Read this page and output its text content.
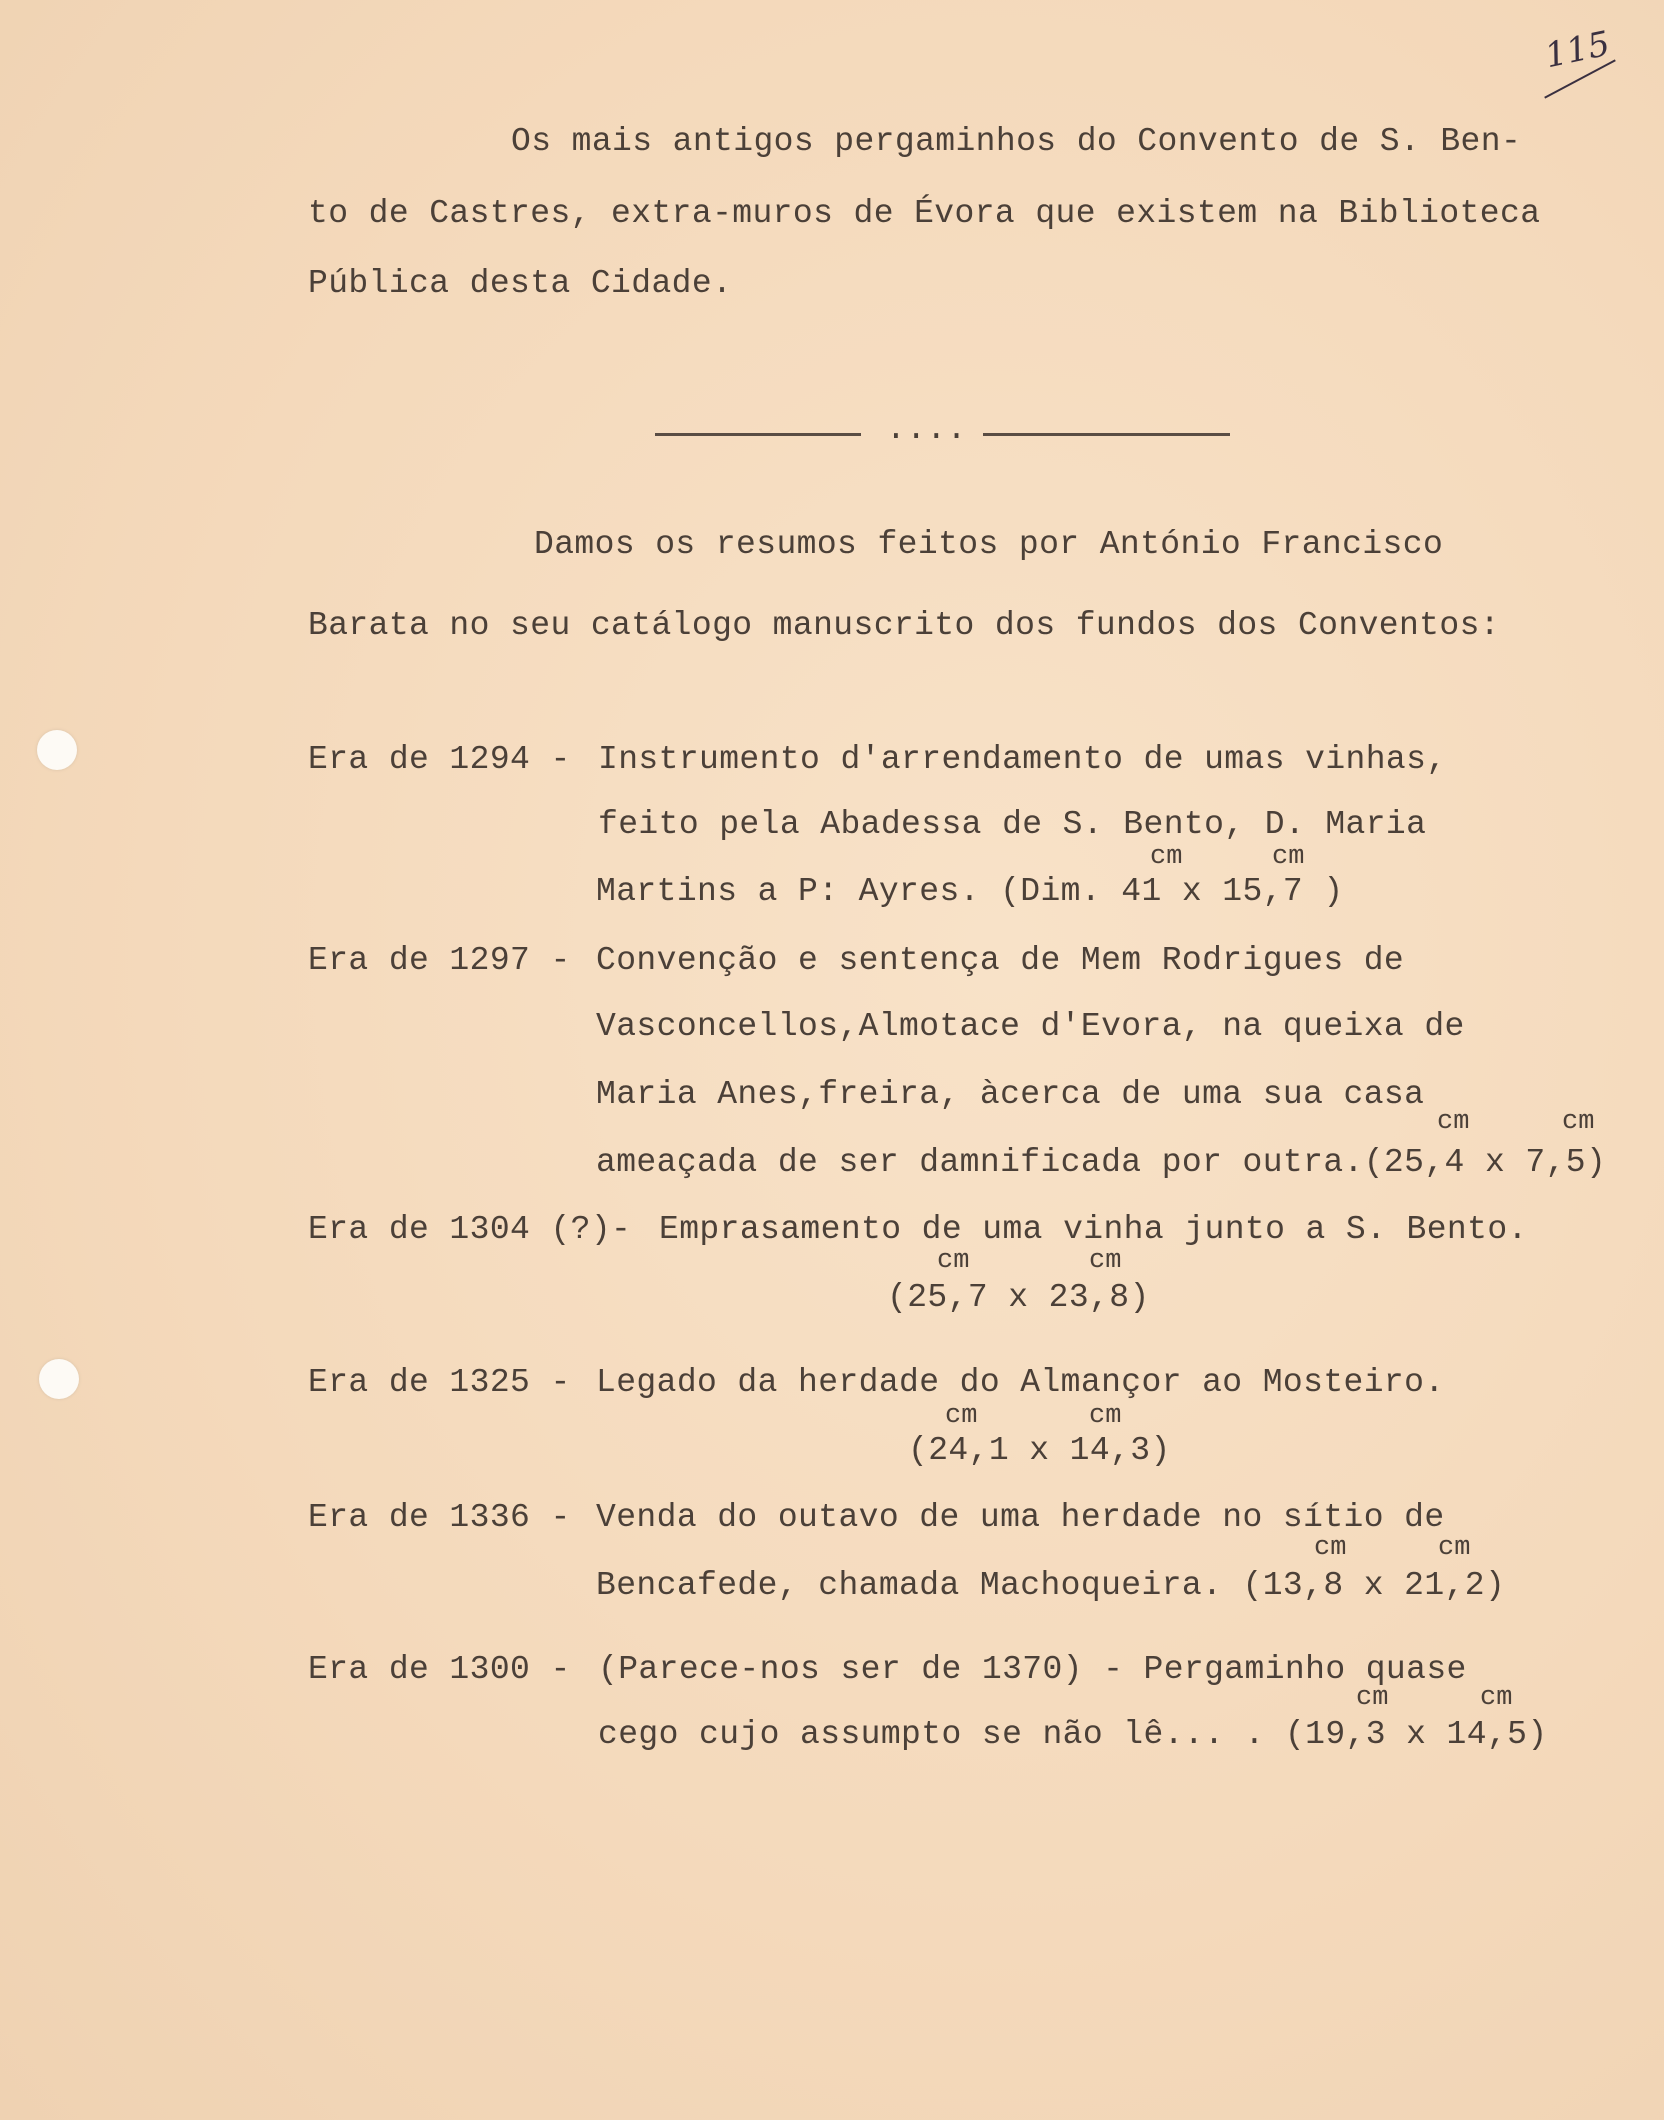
115
Os mais antigos pergaminhos do Convento de S. Ben-
to de Castres, extra-muros de Évora que existem na Biblioteca
Pública desta Cidade.
....
Damos os resumos feitos por António Francisco
Barata no seu catálogo manuscrito dos fundos dos Conventos:
Era de 1294 - Instrumento d'arrendamento de umas vinhas,
feito pela Abadessa de S. Bento, D. Maria
cm	cm
Martins a P: Ayres. (Dim. 41 x 15,7 )
Era de 1297 - Convenção e sentença de Mem Rodrigues de
Vasconcellos,Almotace d'Evora, na queixa de
Maria Anes,freira, àcerca de uma sua casa
cm	cm
ameaçada de ser damnificada por outra.(25,4 x 7,5)
Era de 1304 (?)- Emprasamento de uma vinha junto a S. Bento.
cm	cm
(25,7 x 23,8)
Era de 1325 - Legado da herdade do Almançor ao Mosteiro.
cm	cm
(24,1 x 14,3)
Era de 1336 - Venda do outavo de uma herdade no sítio de
cm	cm
Bencafede, chamada Machoqueira. (13,8 x 21,2)
Era de 1300 - (Parece-nos ser de 1370) - Pergaminho quase
cm	cm
cego cujo assumpto se não lê... . (19,3 x 14,5)
